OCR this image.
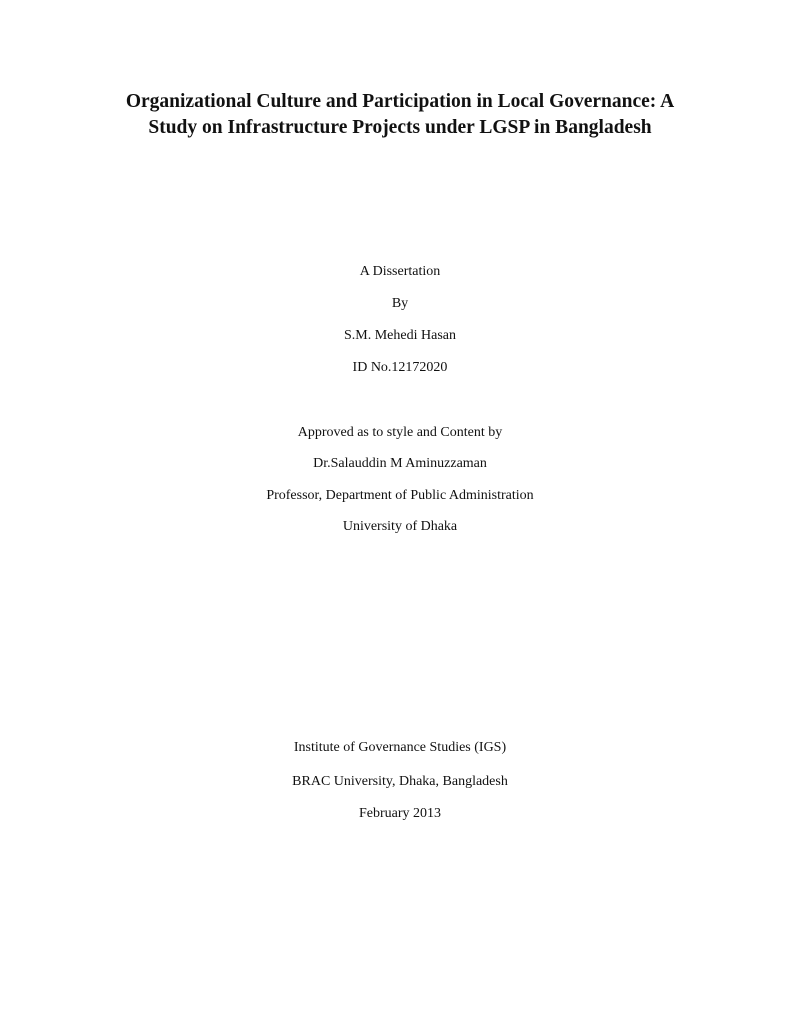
Organizational Culture and Participation in Local Governance: A
Study on Infrastructure Projects under LGSP in Bangladesh
A Dissertation
By
S.M. Mehedi Hasan
ID No.12172020
Approved as to style and Content by
Dr.Salauddin M Aminuzzaman
Professor, Department of Public Administration
University of Dhaka
Institute of Governance Studies (IGS)
BRAC University, Dhaka, Bangladesh
February 2013
